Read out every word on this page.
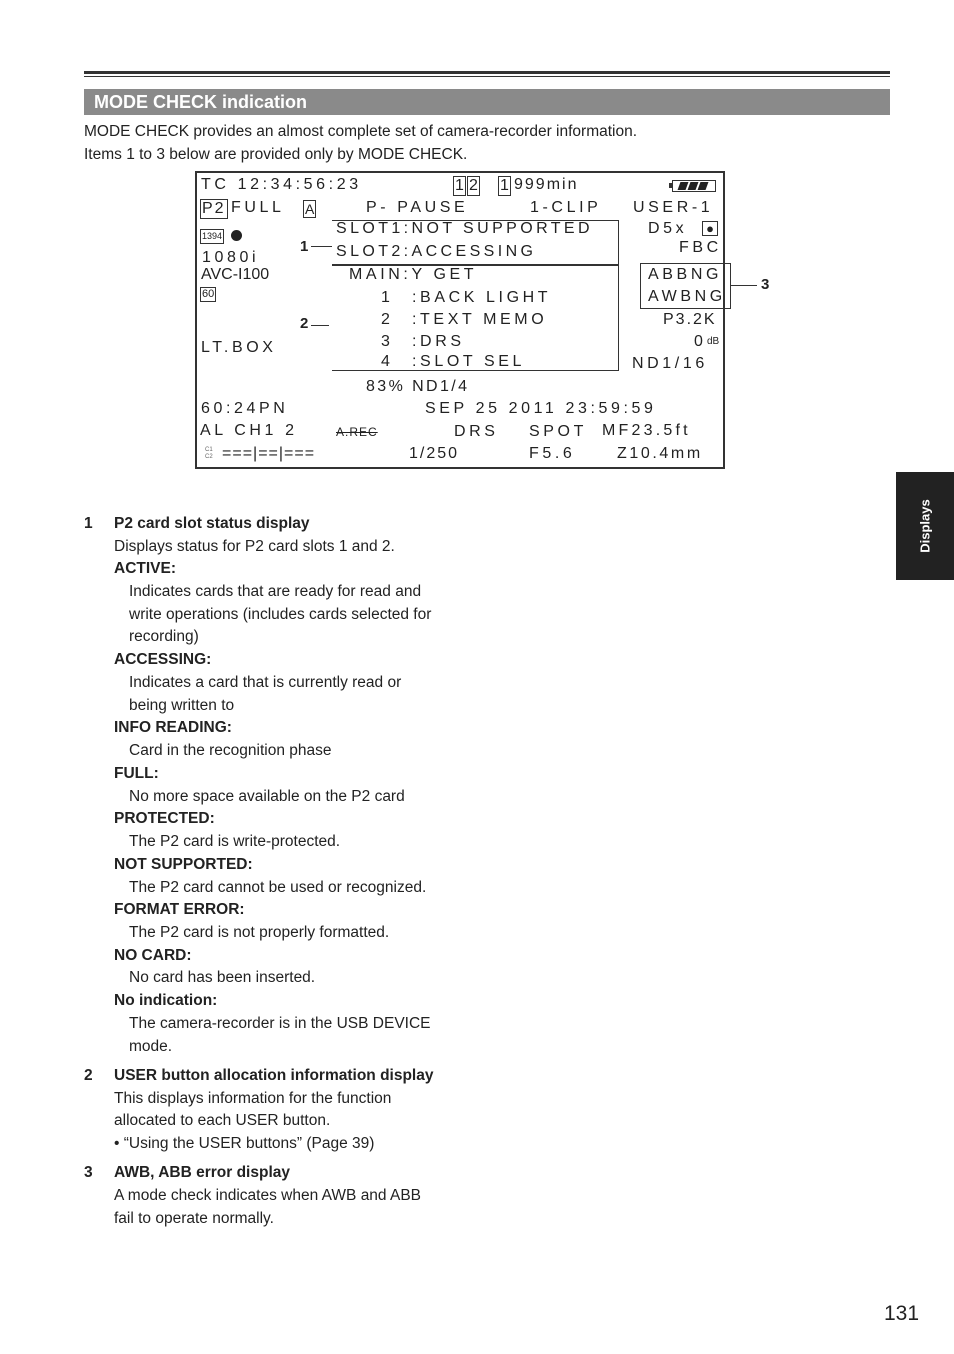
MODE CHECK indication
MODE CHECK provides an almost complete set of camera-recorder information.
Items 1 to 3 below are provided only by MODE CHECK.
TC 12:34:56:23	1 2 1 999min
P2 FULL A	P- PAUSE	1-CLIP USER-1
SLOT1:NOT SUPPORTED
SLOT2:ACCESSING
1394	D5x	●
FBC
1080i
AVC-I100
60
MAIN:Y GET
1 :BACK LIGHT
2 :TEXT MEMO
3 :DRS
4 :SLOT SEL
ABBNG
AWBNG
P3.2K
0 dB
ND1/16
LT.BOX
83% ND1/4
60:24PN	SEP 25 2011 23:59:59
AL CH1 2	A.REC	DRS SPOT MF23.5ft
C1
C2 ===|==|===	1/250	F5.6	Z10.4mm
1
2
3
1 P2 card slot status display
Displays status for P2 card slots 1 and 2.
ACTIVE:
Indicates cards that are ready for read and
write operations (includes cards selected for
recording)
ACCESSING:
Indicates a card that is currently read or
being written to
INFO READING:
Card in the recognition phase
FULL:
No more space available on the P2 card
PROTECTED:
The P2 card is write-protected.
NOT SUPPORTED:
The P2 card cannot be used or recognized.
FORMAT ERROR:
The P2 card is not properly formatted.
NO CARD:
No card has been inserted.
No indication:
The camera-recorder is in the USB DEVICE
mode.
2 USER button allocation information display
This displays information for the function
allocated to each USER button.
• “Using the USER buttons” (Page 39)
3 AWB, ABB error display
A mode check indicates when AWB and ABB
fail to operate normally.
Displays
131
